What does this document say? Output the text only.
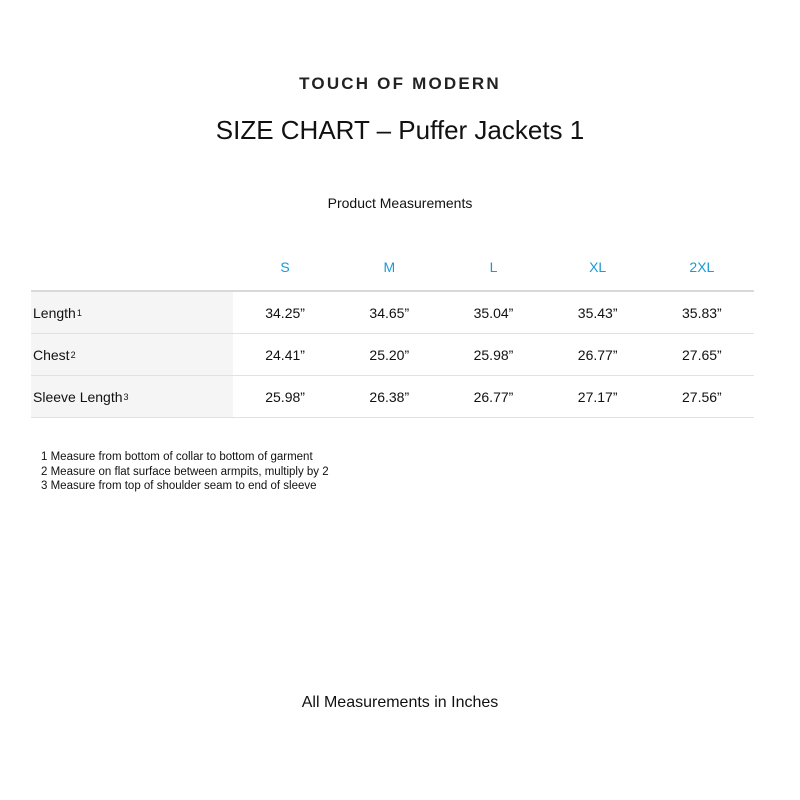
TOUCH OF MODERN
SIZE CHART – Puffer Jackets 1
Product Measurements
	S	M	L	XL	2XL
Length$^1$	34.25”	34.65”	35.04”	35.43”	35.83”
Chest$^2$	24.41”	25.20”	25.98”	26.77”	27.65”
Sleeve Length$^3$	25.98”	26.38”	26.77”	27.17”	27.56”
1 Measure from bottom of collar to bottom of garment
2 Measure on flat surface between armpits, multiply by 2
3 Measure from top of shoulder seam to end of sleeve
All Measurements in Inches
